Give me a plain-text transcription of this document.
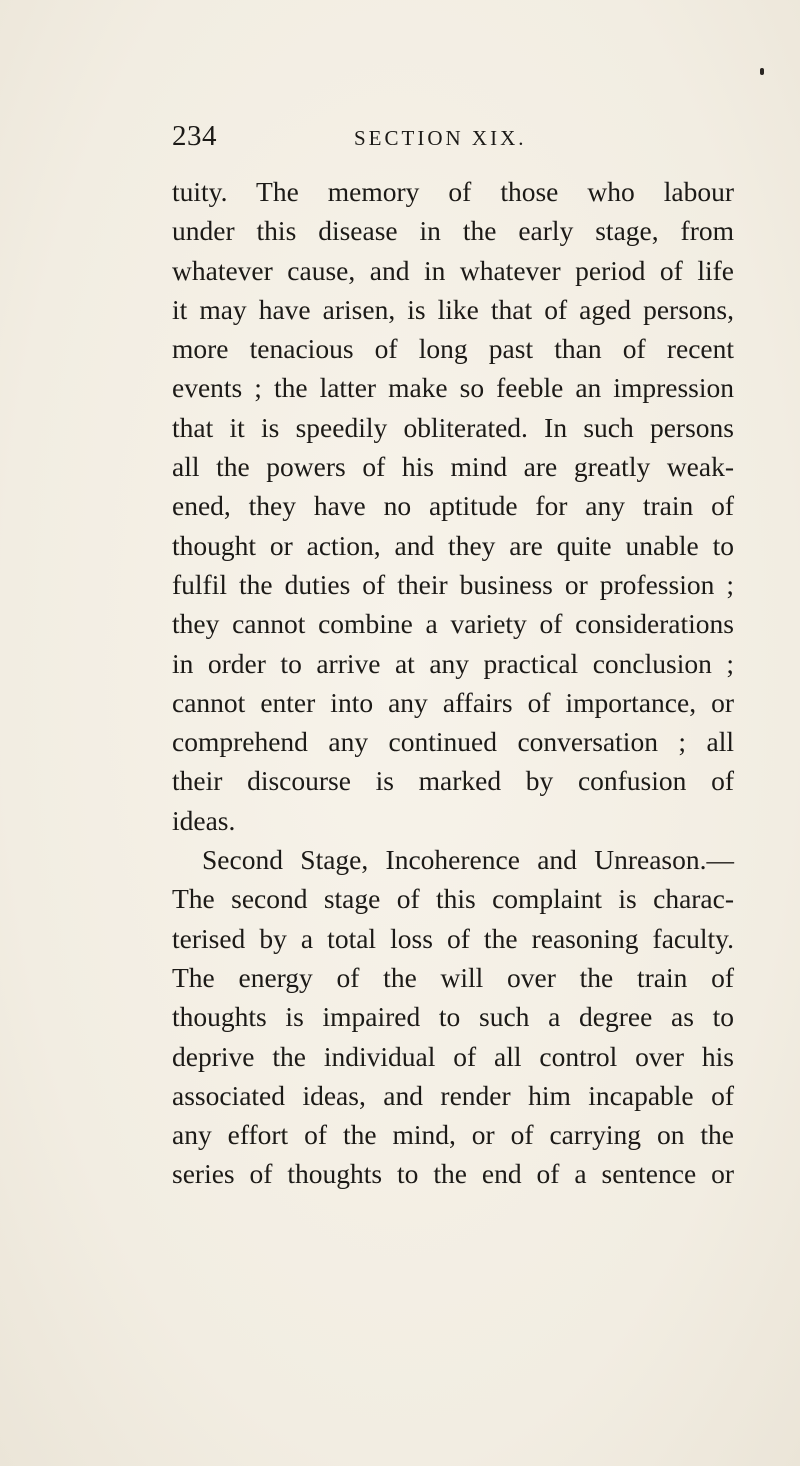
234	SECTION XIX.
tuity. The memory of those who labour
under this disease in the early stage, from
whatever cause, and in whatever period of life
it may have arisen, is like that of aged persons,
more tenacious of long past than of recent
events ; the latter make so feeble an impression
that it is speedily obliterated. In such persons
all the powers of his mind are greatly weak-
ened, they have no aptitude for any train of
thought or action, and they are quite unable to
fulfil the duties of their business or profession ;
they cannot combine a variety of considerations
in order to arrive at any practical conclusion ;
cannot enter into any affairs of importance, or
comprehend any continued conversation ; all
their discourse is marked by confusion of
ideas.
Second Stage, Incoherence and Unreason.—
The second stage of this complaint is charac-
terised by a total loss of the reasoning faculty.
The energy of the will over the train of
thoughts is impaired to such a degree as to
deprive the individual of all control over his
associated ideas, and render him incapable of
any effort of the mind, or of carrying on the
series of thoughts to the end of a sentence or
